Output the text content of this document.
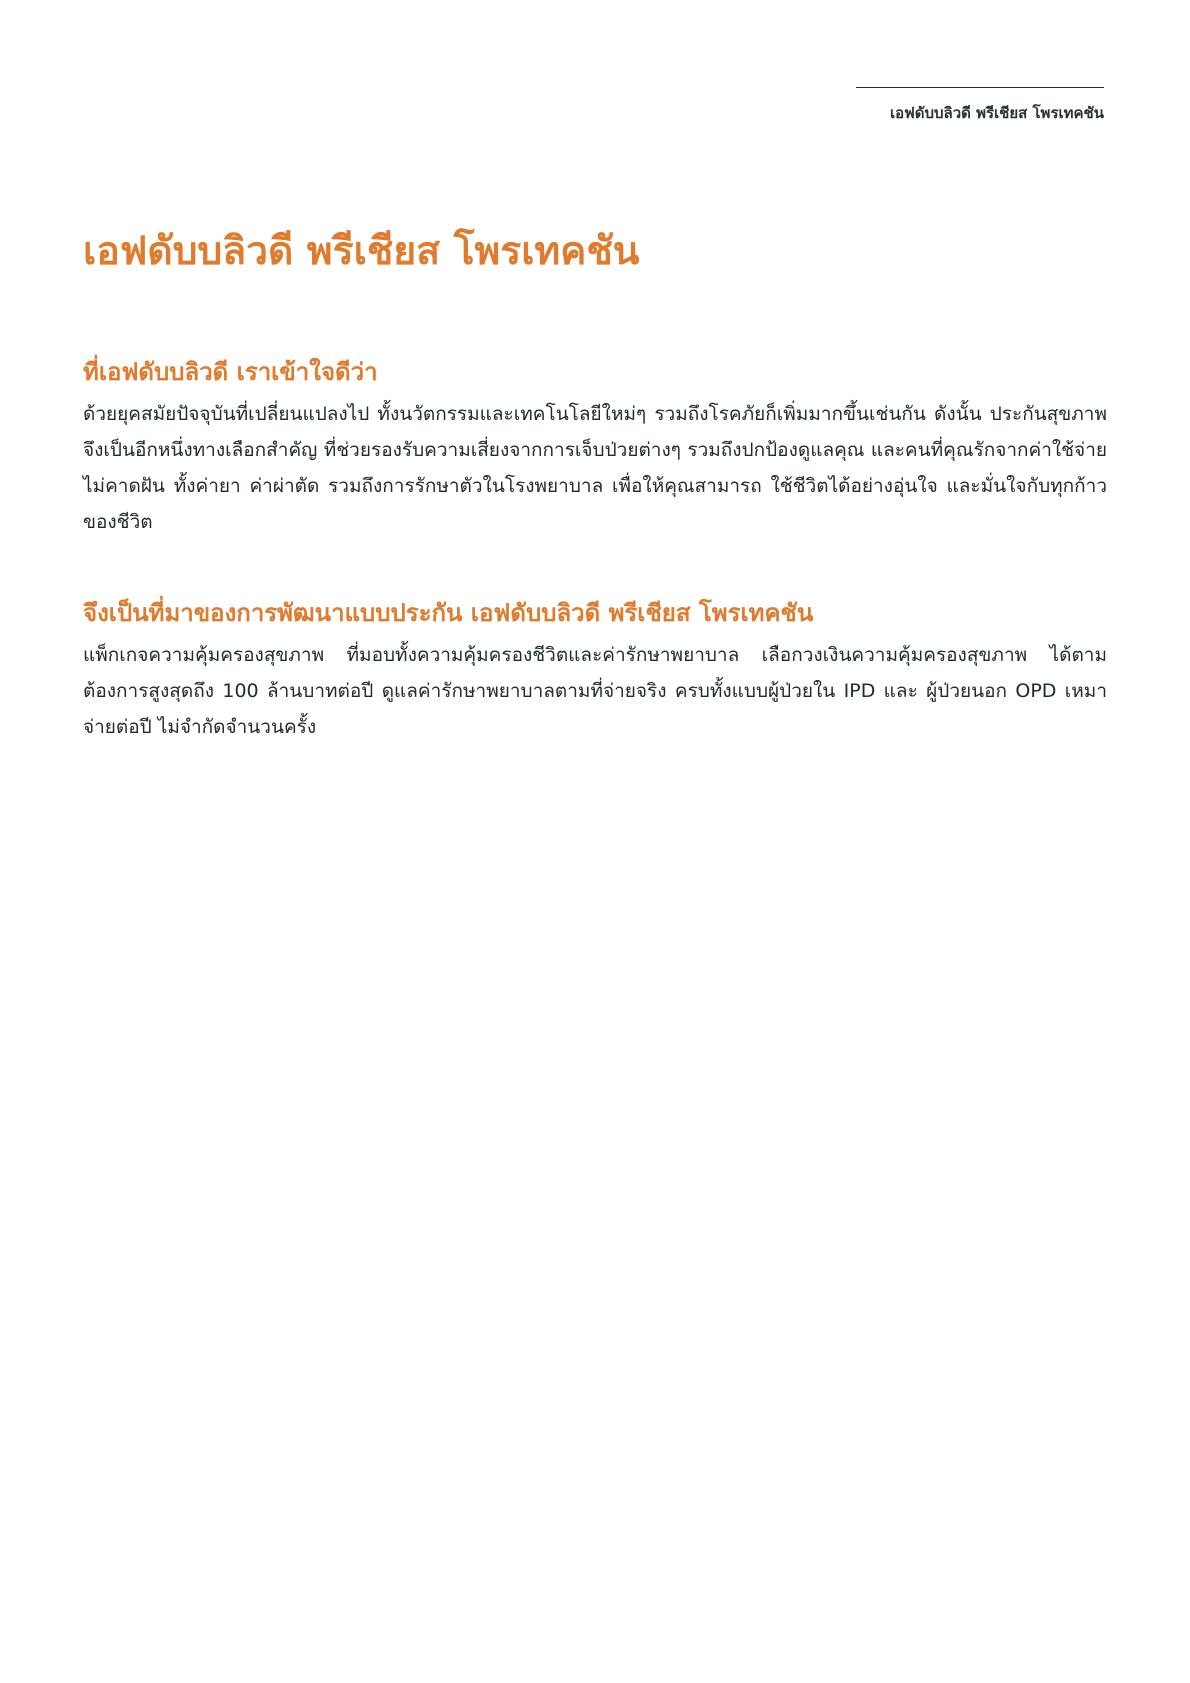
เอฟดับบลิวดี พรีเชียส โพรเทคชัน
เอฟดับบลิวดี พรีเชียส โพรเทคชัน
ที่เอฟดับบลิวดี เราเข้าใจดีว่า

ด้วยยุคสมัยปัจจุบันที่เปลี่ยนแปลงไป ทั้งนวัตกรรมและเทคโนโลยีใหม่ๆ รวมถึงโรคภัยก็เพิ่มมากขึ้นเช่นกัน ดังนั้น ประกันสุขภาพจึงเป็นอีกหนึ่งทางเลือกสำคัญ ที่ช่วยรองรับความเสี่ยงจากการเจ็บป่วยต่างๆ รวมถึงปกป้องดูแลคุณ และคนที่คุณรักจากค่าใช้จ่ายไม่คาดฝัน ทั้งค่ายา ค่าผ่าตัด รวมถึงการรักษาตัวในโรงพยาบาล เพื่อให้คุณสามารถ ใช้ชีวิตได้อย่างอุ่นใจ และมั่นใจกับทุกก้าวของชีวิต

จึงเป็นที่มาของการพัฒนาแบบประกัน เอฟดับบลิวดี พรีเชียส โพรเทคชัน

แพ็กเกจความคุ้มครองสุขภาพ ที่มอบทั้งความคุ้มครองชีวิตและค่ารักษาพยาบาล เลือกวงเงินความคุ้มครองสุขภาพ ได้ตามต้องการสูงสุดถึง 100 ล้านบาทต่อปี ดูแลค่ารักษาพยาบาลตามที่จ่ายจริง ครบทั้งแบบผู้ป่วยใน IPD และ ผู้ป่วยนอก OPD เหมาจ่ายต่อปี ไม่จำกัดจำนวนครั้ง
